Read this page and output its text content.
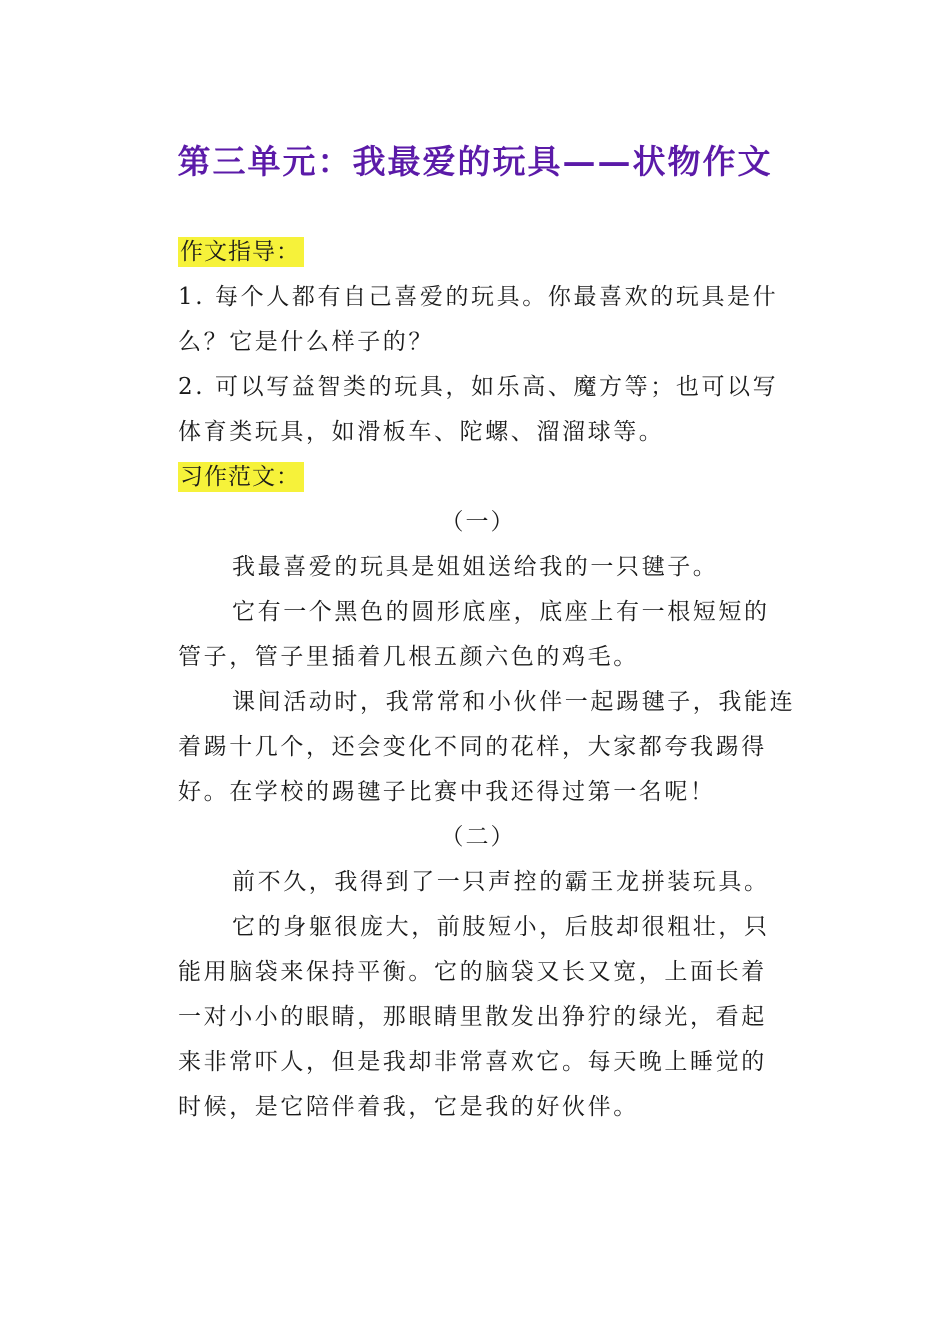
第三单元：我最爱的玩具——状物作文
作文指导：
1. 每个人都有自己喜爱的玩具。你最喜欢的玩具是什
么？它是什么样子的？
2. 可以写益智类的玩具，如乐高、魔方等；也可以写
体育类玩具，如滑板车、陀螺、溜溜球等。
习作范文：
（一）
我最喜爱的玩具是姐姐送给我的一只毽子。
它有一个黑色的圆形底座，底座上有一根短短的
管子，管子里插着几根五颜六色的鸡毛。
课间活动时，我常常和小伙伴一起踢毽子，我能连
着踢十几个，还会变化不同的花样，大家都夸我踢得
好。在学校的踢毽子比赛中我还得过第一名呢！
（二）
前不久，我得到了一只声控的霸王龙拼装玩具。
它的身躯很庞大，前肢短小，后肢却很粗壮，只
能用脑袋来保持平衡。它的脑袋又长又宽，上面长着
一对小小的眼睛，那眼睛里散发出狰狞的绿光，看起
来非常吓人，但是我却非常喜欢它。每天晚上睡觉的
时候，是它陪伴着我，它是我的好伙伴。
